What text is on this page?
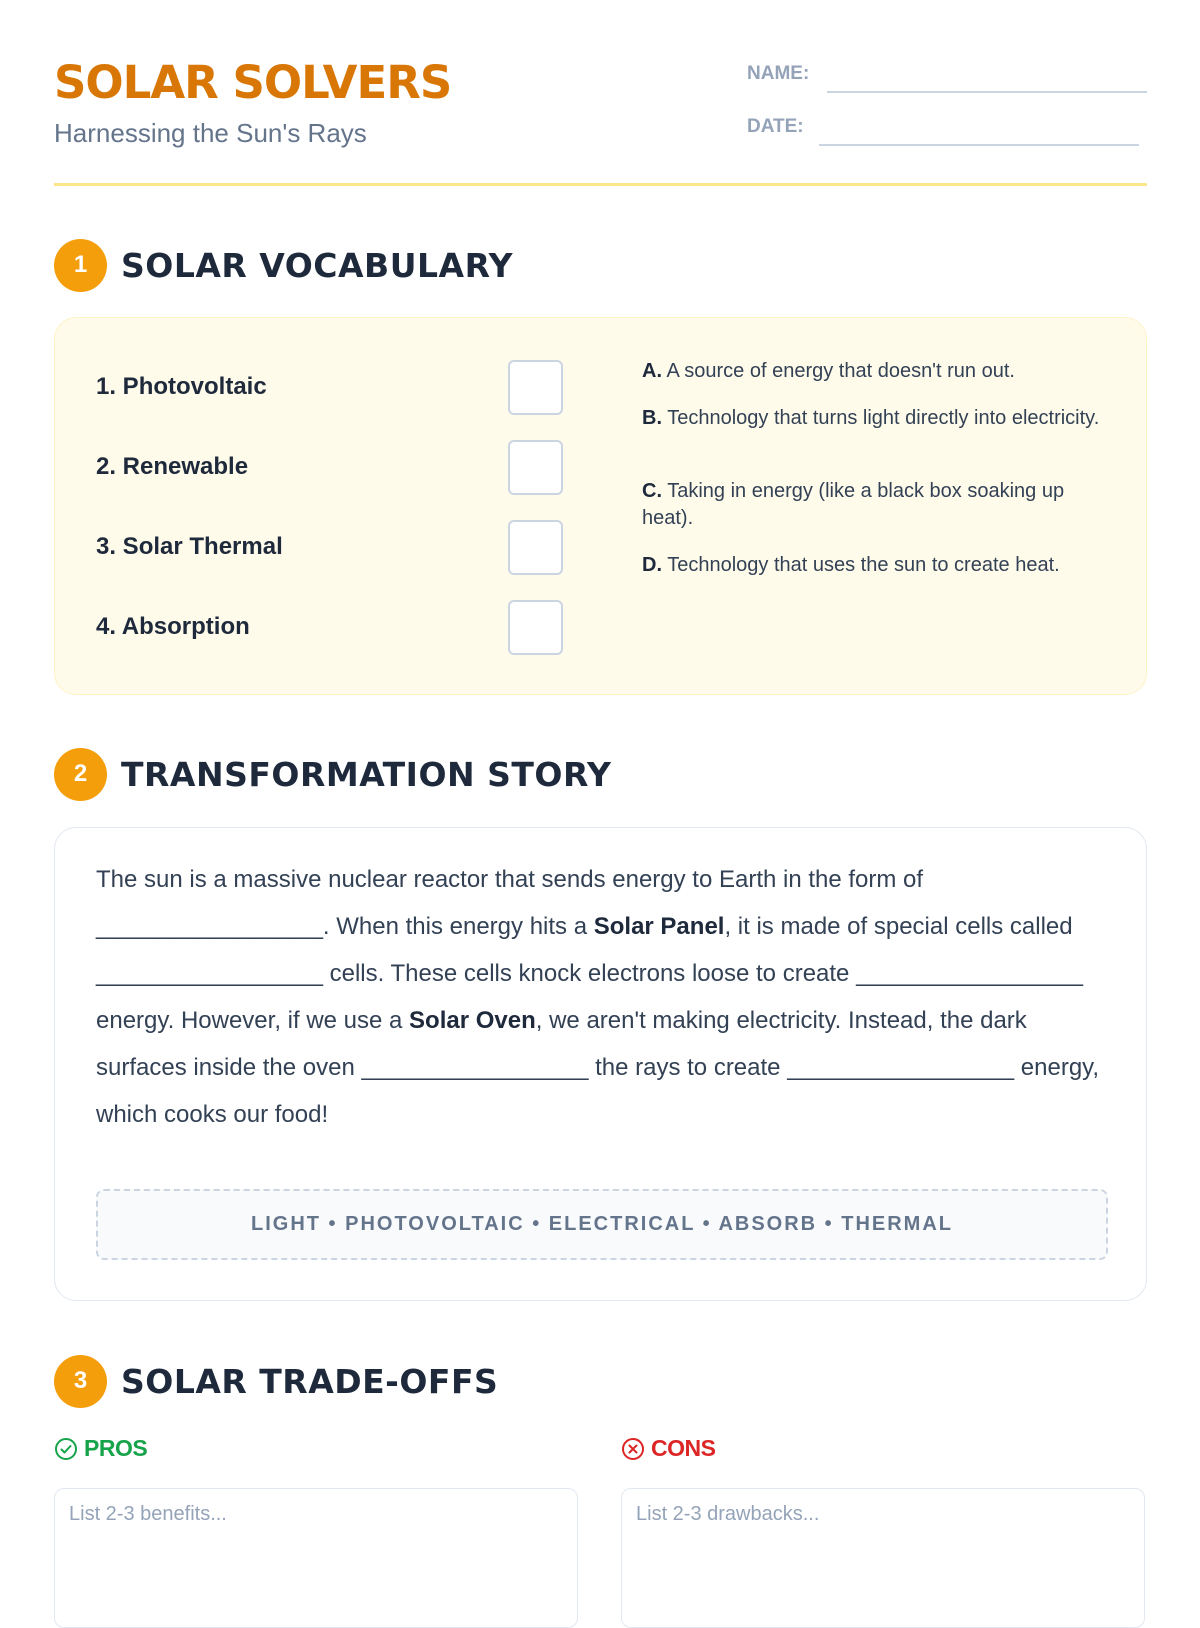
SOLAR SOLVERS
Harnessing the Sun's Rays
NAME:
DATE:
1	SOLAR VOCABULARY
1. Photovoltaic
2. Renewable
3. Solar Thermal
4. Absorption
A. A source of energy that doesn't run out.
B. Technology that turns light directly into electricity.
C. Taking in energy (like a black box soaking up heat).
D. Technology that uses the sun to create heat.
2	TRANSFORMATION STORY
The sun is a massive nuclear reactor that sends energy to Earth in the form of _________________. When this energy hits a Solar Panel, it is made of special cells called _________________ cells. These cells knock electrons loose to create _________________ energy. However, if we use a Solar Oven, we aren't making electricity. Instead, the dark surfaces inside the oven _________________ the rays to create _________________ energy, which cooks our food!
LIGHT • PHOTOVOLTAIC • ELECTRICAL • ABSORB • THERMAL
3	SOLAR TRADE-OFFS
PROS	CONS
List 2-3 benefits...
List 2-3 drawbacks...
